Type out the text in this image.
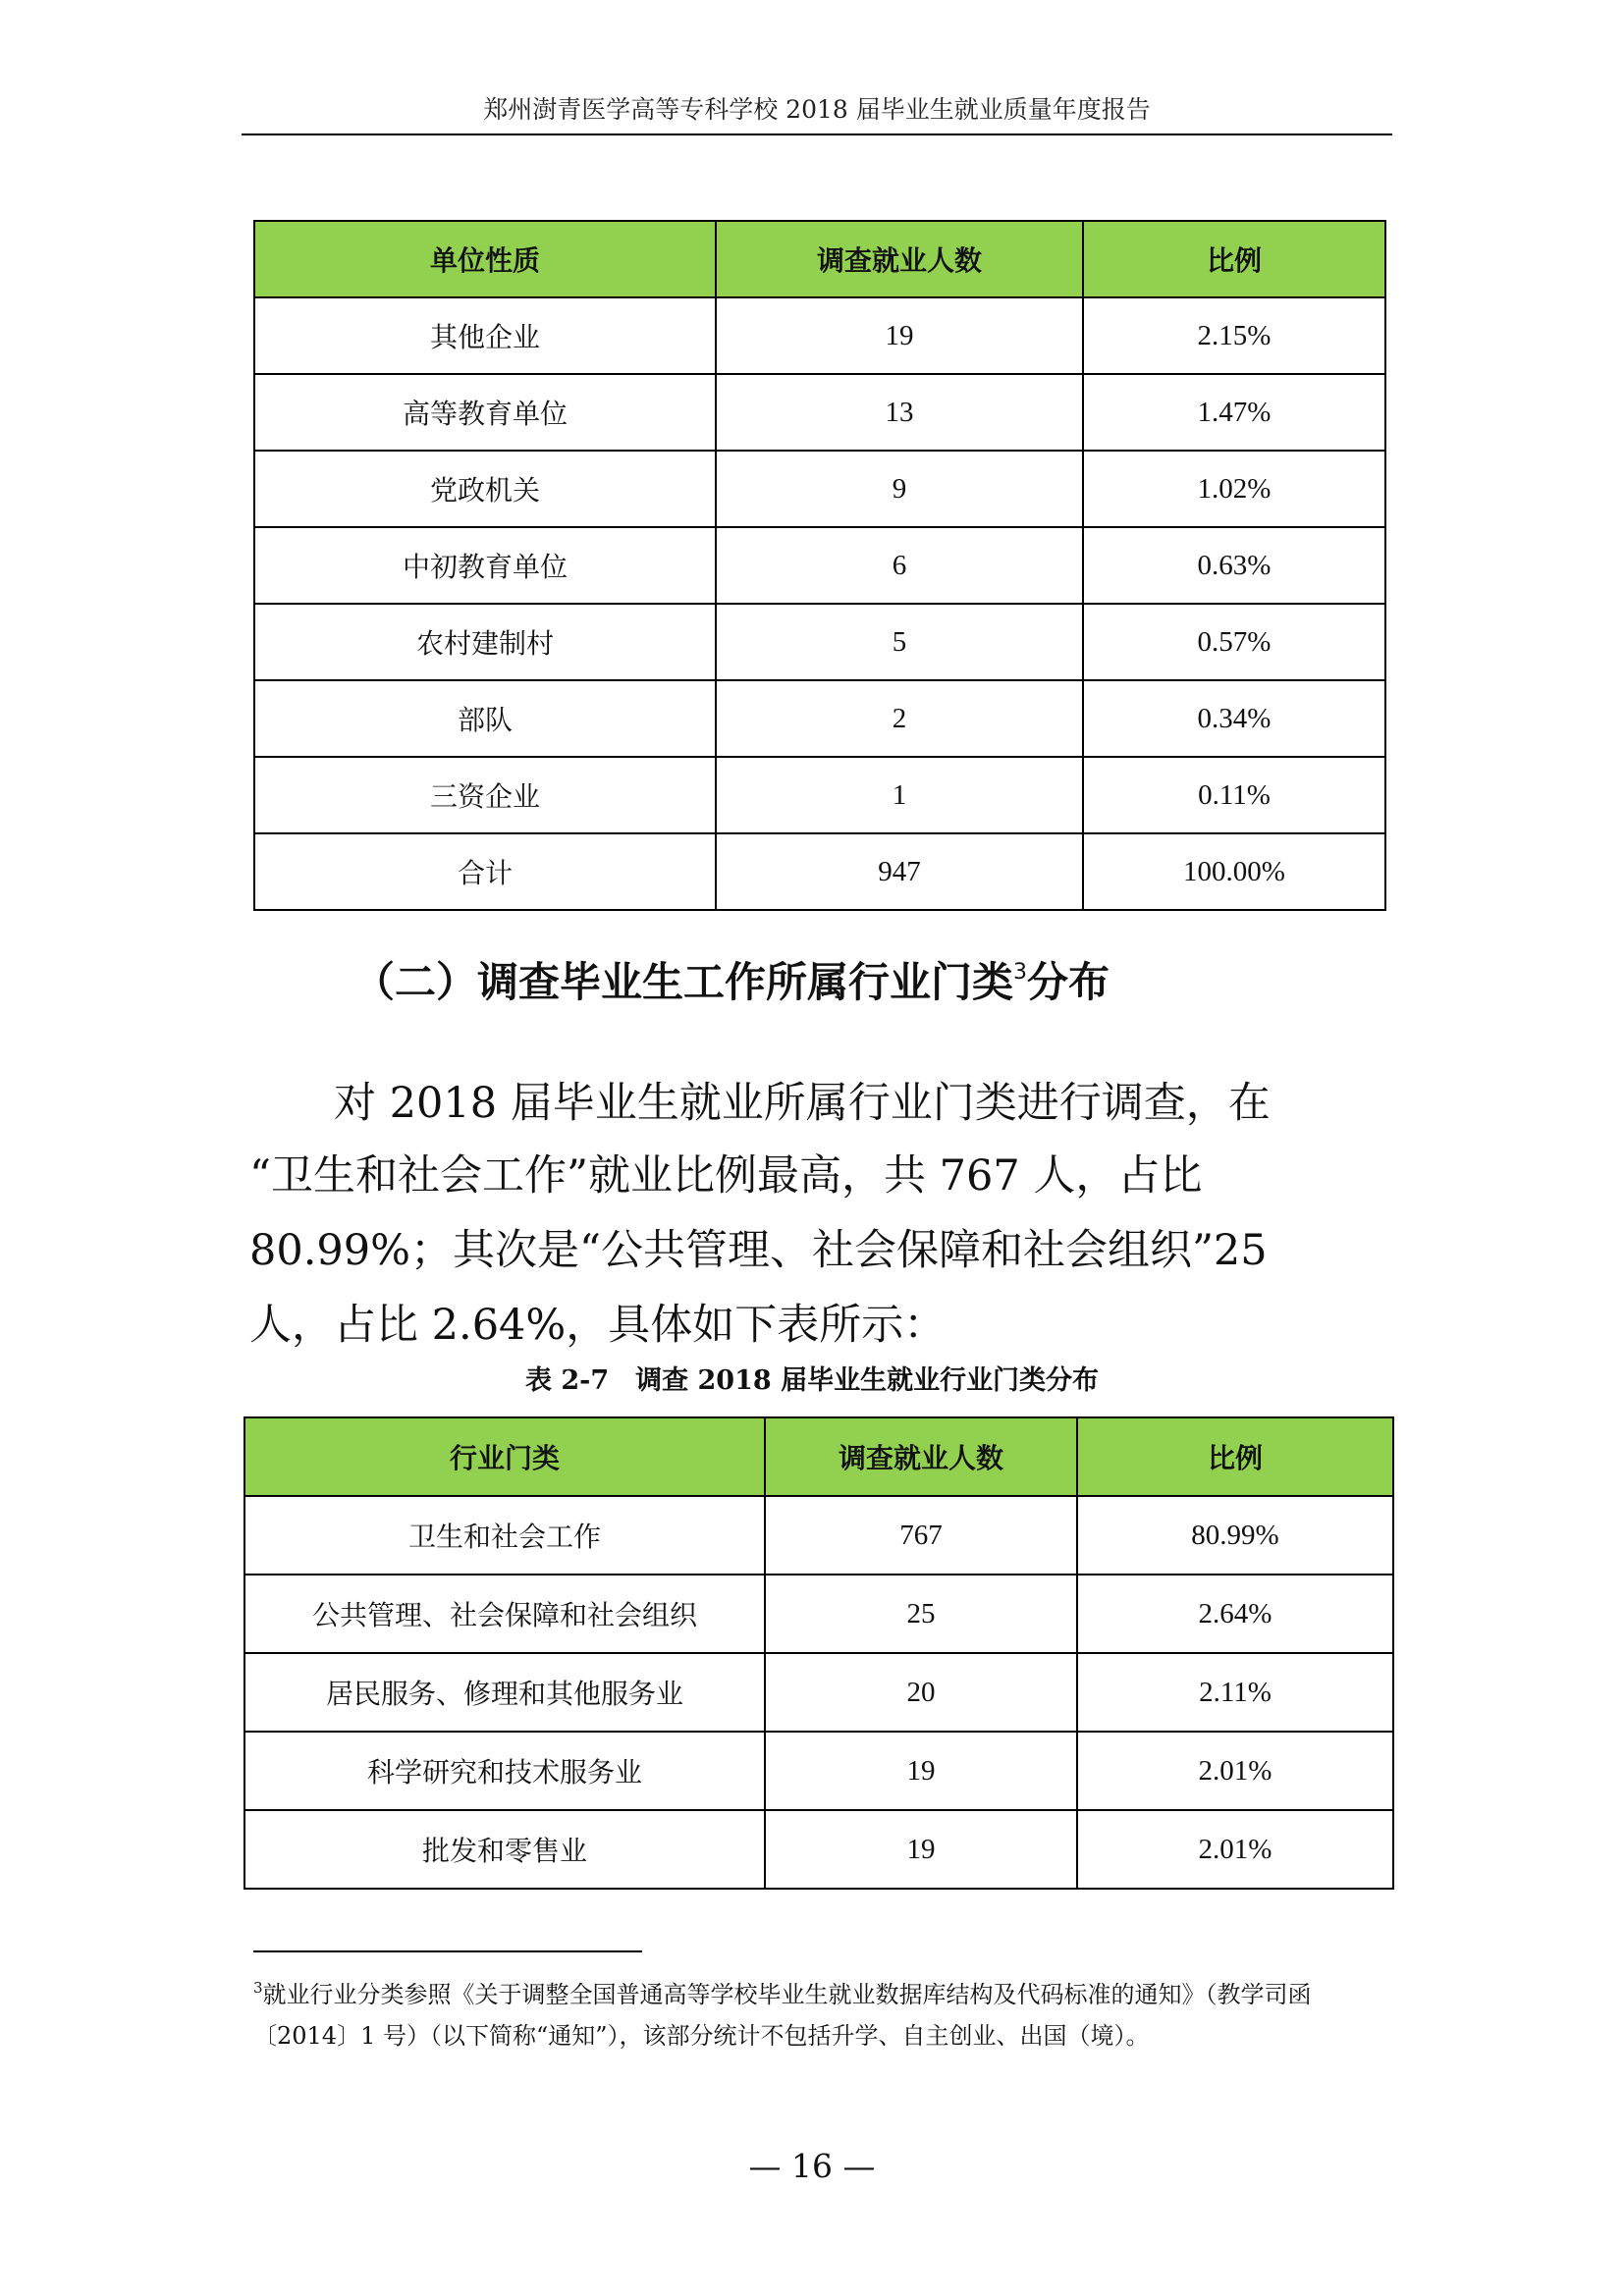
郑州澍青医学高等专科学校 2018 届毕业生就业质量年度报告
单位性质	调查就业人数	比例
其他企业	19	2.15%
高等教育单位	13	1.47%
党政机关	9	1.02%
中初教育单位	6	0.63%
农村建制村	5	0.57%
部队	2	0.34%
三资企业	1	0.11%
合计	947	100.00%
（二）调查毕业生工作所属行业门类$^3$分布
对 2018 届毕业生就业所属行业门类进行调查，在
“卫生和社会工作”就业比例最高，共 767 人，占比
80.99%；其次是“公共管理、社会保障和社会组织”25
人，占比 2.64%，具体如下表所示：
表 2-7　调查 2018 届毕业生就业行业门类分布
行业门类	调查就业人数	比例
卫生和社会工作	767	80.99%
公共管理、社会保障和社会组织	25	2.64%
居民服务、修理和其他服务业	20	2.11%
科学研究和技术服务业	19	2.01%
批发和零售业	19	2.01%
$^3$就业行业分类参照《关于调整全国普通高等学校毕业生就业数据库结构及代码标准的通知》（教学司函〔2014〕1 号）（以下简称“通知”），该部分统计不包括升学、自主创业、出国（境）。
— 16 —
